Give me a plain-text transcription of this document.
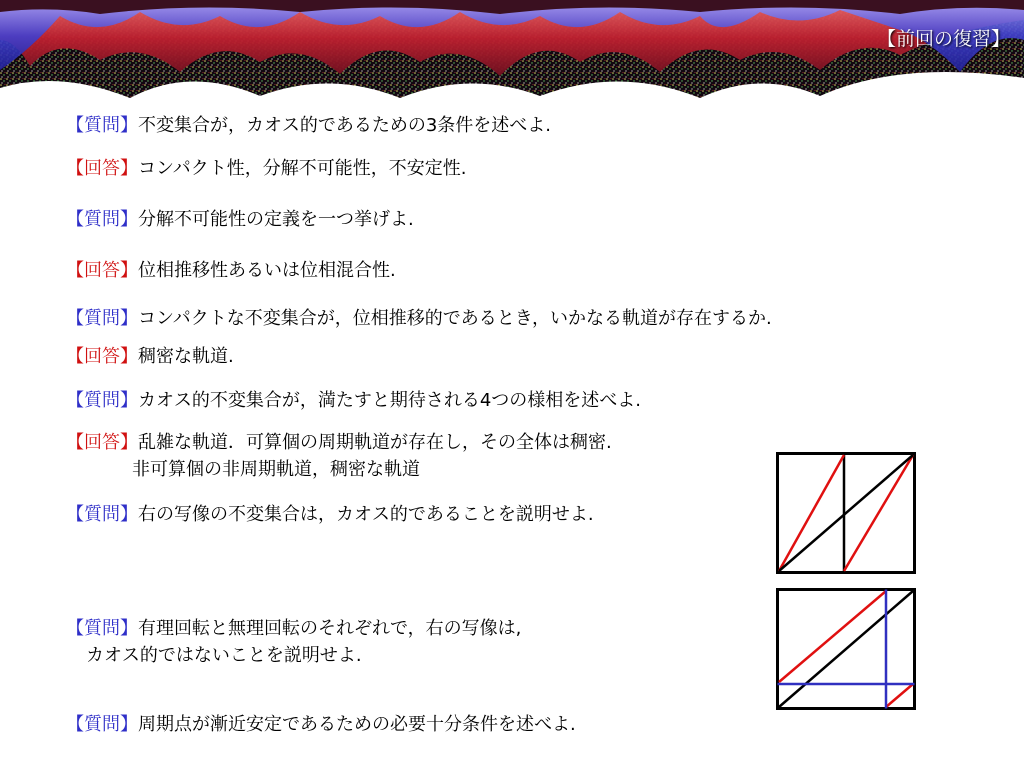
【前回の復習】
【質問】不変集合が，カオス的であるための3条件を述べよ.
【回答】コンパクト性，分解不可能性，不安定性.
【質問】分解不可能性の定義を一つ挙げよ.
【回答】位相推移性あるいは位相混合性.
【質問】コンパクトな不変集合が，位相推移的であるとき，いかなる軌道が存在するか.
【回答】稠密な軌道.
【質問】カオス的不変集合が，満たすと期待される4つの様相を述べよ.
【回答】乱雑な軌道．可算個の周期軌道が存在し，その全体は稠密.
非可算個の非周期軌道，稠密な軌道
【質問】右の写像の不変集合は，カオス的であることを説明せよ.
【質問】有理回転と無理回転のそれぞれで，右の写像は,
カオス的ではないことを説明せよ.
【質問】周期点が漸近安定であるための必要十分条件を述べよ.
